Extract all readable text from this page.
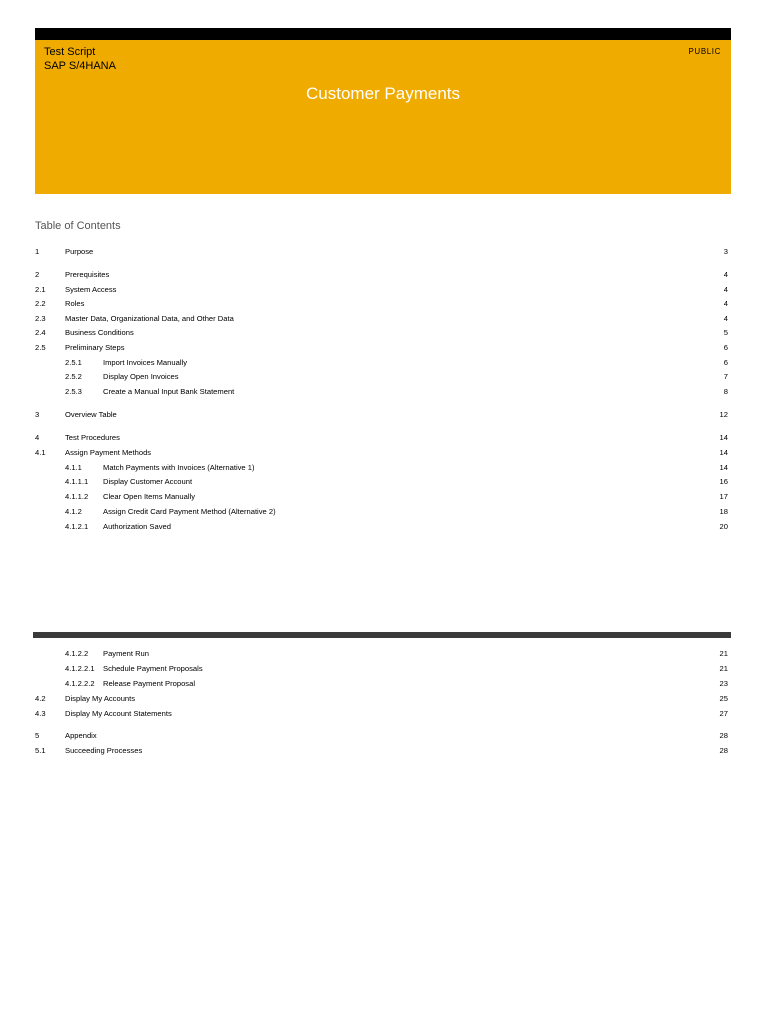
Test Script
SAP S/4HANA
PUBLIC
Customer Payments
Table of Contents
1	Purpose	3
2	Prerequisites	4
2.1	System Access	4
2.2	Roles	4
2.3	Master Data, Organizational Data, and Other Data	4
2.4	Business Conditions	5
2.5	Preliminary Steps	6
2.5.1	Import Invoices Manually	6
2.5.2	Display Open Invoices	7
2.5.3	Create a Manual Input Bank Statement	8
3	Overview Table	12
4	Test Procedures	14
4.1	Assign Payment Methods	14
4.1.1	Match Payments with Invoices (Alternative 1)	14
4.1.1.1 Display Customer Account	16
4.1.1.2 Clear Open Items Manually	17
4.1.2	Assign Credit Card Payment Method (Alternative 2)	18
4.1.2.1 Authorization Saved	20
4.1.2.2 Payment Run	21
4.1.2.2.1 Schedule Payment Proposals	21
4.1.2.2.2 Release Payment Proposal	23
4.2	Display My Accounts	25
4.3	Display My Account Statements	27
5	Appendix	28
5.1	Succeeding Processes	28
